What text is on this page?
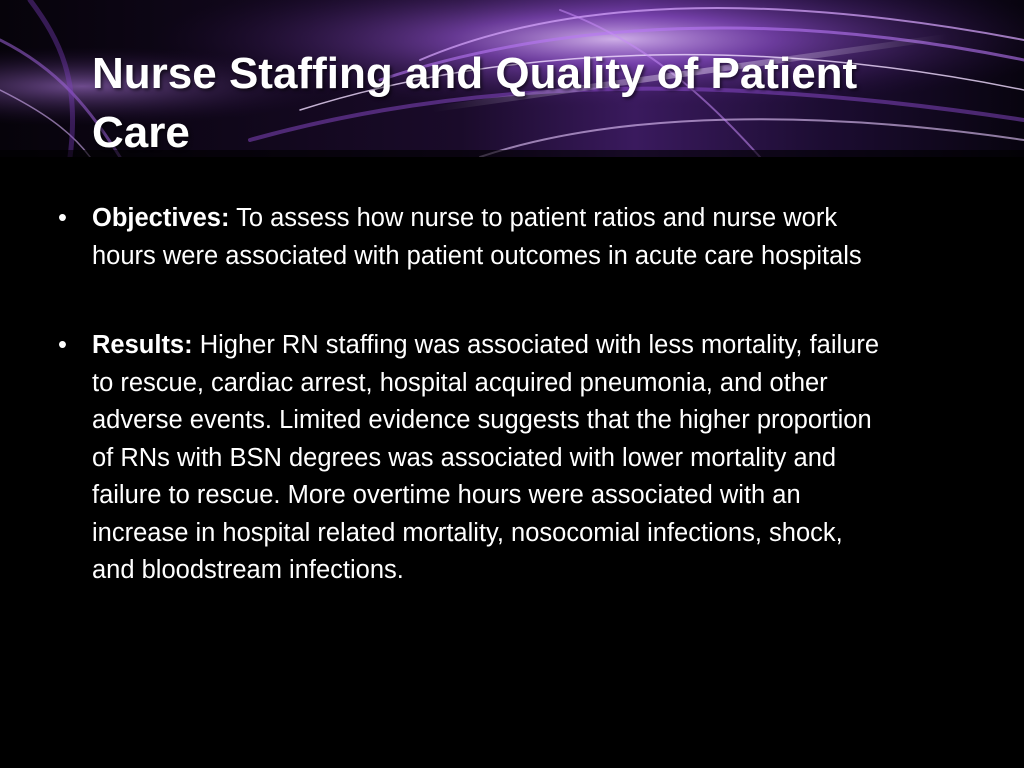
Nurse Staffing and Quality of Patient Care
• Objectives: To assess how nurse to patient ratios and nurse work hours were associated with patient outcomes in acute care hospitals
• Results: Higher RN staffing was associated with less mortality, failure to rescue, cardiac arrest, hospital acquired pneumonia, and other adverse events. Limited evidence suggests that the higher proportion of RNs with BSN degrees was associated with lower mortality and failure to rescue. More overtime hours were associated with an increase in hospital related mortality, nosocomial infections, shock, and bloodstream infections.
